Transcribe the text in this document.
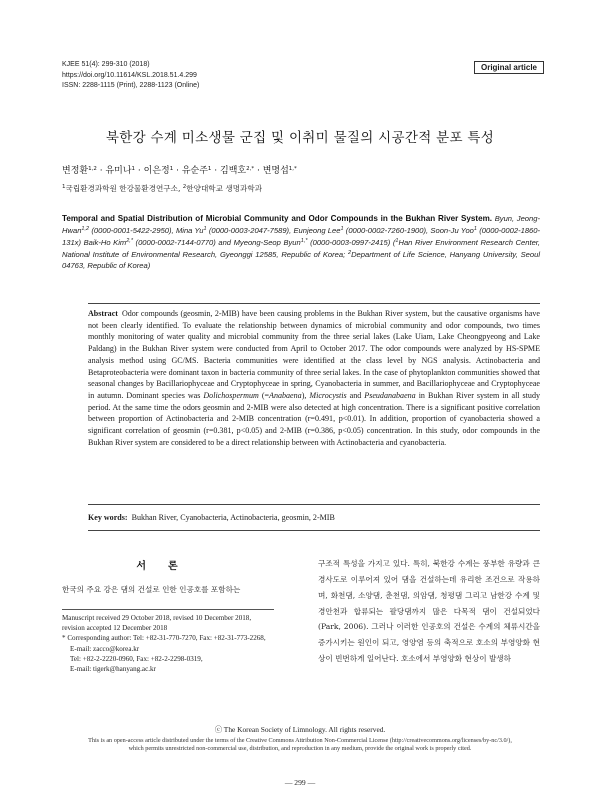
KJEE 51(4): 299-310 (2018)
https://doi.org/10.11614/KSL.2018.51.4.299
ISSN: 2288-1115 (Print), 2288-1123 (Online)
Original article
북한강 수계 미소생물 군집 및 이취미 물질의 시공간적 분포 특성
변정환$^{1,2}$ · 유미나$^1$ · 이은정$^1$ · 유순주$^1$ · 김백호$^{2,*}$ · 변명섭$^{1,*}$
$^1$국립환경과학원 한강물환경연구소, $^2$한양대학교 생명과학과
Temporal and Spatial Distribution of Microbial Community and Odor Compounds in the Bukhan River System. Byun, Jeong-Hwan$^{1,2}$ (0000-0001-5422-2950), Mina Yu$^1$ (0000-0003-2047-7589), Eunjeong Lee$^1$ (0000-0002-7260-1900), Soon-Ju Yoo$^1$ (0000-0002-1860-131x) Baik-Ho Kim$^{2,*}$ (0000-0002-7144-0770) and Myeong-Seop Byun$^{1,*}$ (0000-0003-0997-2415) ($^1$Han River Environment Research Center, National Institute of Environmental Research, Gyeonggi 12585, Republic of Korea; $^2$Department of Life Science, Hanyang University, Seoul 04763, Republic of Korea)
Abstract Odor compounds (geosmin, 2-MIB) have been causing problems in the Bukhan River system, but the causative organisms have not been clearly identified. To evaluate the relationship between dynamics of microbial community and odor compounds, two times monthly monitoring of water quality and microbial community from the three serial lakes (Lake Uiam, Lake Cheongpyeong and Lake Paldang) in the Bukhan River system were conducted from April to October 2017. The odor compounds were analyzed by HS-SPME analysis method using GC/MS. Bacteria communities were identified at the class level by NGS analysis. Actinobacteria and Betaproteobacteria were dominant taxon in bacteria community of three serial lakes. In the case of phytoplankton communities showed that seasonal changes by Bacillariophyceae and Cryptophyceae in spring, Cyanobacteria in summer, and Bacillariophyceae and Cryptophyceae in autumn. Dominant species was Dolichospermum (=Anabaena), Microcystis and Pseudanabaena in Bukhan River system in all study period. At the same time the odors geosmin and 2-MIB were also detected at high concentration. There is a significant positive correlation between proportion of Actinobacteria and 2-MIB concentration (r=0.491, p<0.01). In addition, proportion of cyanobacteria showed a significant correlation of geosmin (r=0.381, p<0.05) and 2-MIB (r=0.386, p<0.05) concentration. In this study, odor compounds in the Bukhan River system are considered to be a direct relationship between with Actinobacteria and cyanobacteria.
Key words: Bukhan River, Cyanobacteria, Actinobacteria, geosmin, 2-MIB
서론
한국의 주요 강은 댐의 건설로 인한 인공호를 포함하는

구조적 특성을 가지고 있다. 특히, 북한강 수계는 풍부한 유량과 큰 경사도로 이루어져 있어 댐을 건설하는데 유리한 조건으로 작용하며, 화천댐, 소양댐, 춘천댐, 의암댐, 청평댐 그리고 남한강 수계 및 경안천과 합류되는 팔당댐까지 많은 다목적 댐이 건설되었다 (Park, 2006). 그러나 이러한 인공호의 건설은 수계의 체류시간을 증가시키는 원인이 되고, 영양염 등의 축적으로 호소의 부영양화 현상이 빈번하게 일어난다. 호소에서 부영양화 현상이 발생하

Manuscript received 29 October 2018, revised 10 December 2018,
revision accepted 12 December 2018
* Corresponding author: Tel: +82-31-770-7270, Fax: +82-31-773-2268,
E-mail: zacco@korea.kr
Tel: +82-2-2220-0960, Fax: +82-2-2298-0319,
E-mail: tigerk@hanyang.ac.kr
ⓒ The Korean Society of Limnology. All rights reserved.
This is an open-access article distributed under the terms of the Creative Commons Attribution Non-Commercial License (http://creativecommons.org/licenses/by-nc/3.0/),
which permits unrestricted non-commercial use, distribution, and reproduction in any medium, provide the original work is properly cited.
— 299 —
